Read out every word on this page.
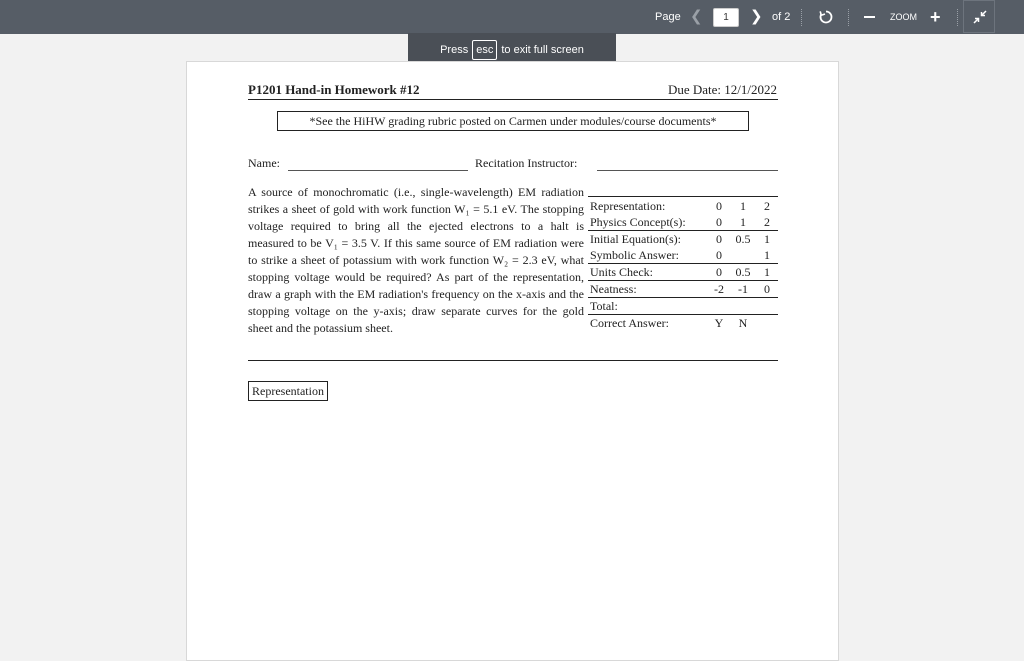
Page ❮
1	❯ of 2	ZOOM +
Press esc to exit full screen
P1201 Hand-in Homework #12	Due Date: 12/1/2022
*See the HiHW grading rubric posted on Carmen under modules/course documents*
Name:	Recitation Instructor:

A source of monochromatic (i.e., single-wavelength) EM radiation strikes a sheet of gold with work function W₁ = 5.1 eV. The stopping voltage required to bring all the ejected electrons to a halt is measured to be V₁ = 3.5 V. If this same source of EM radiation were to strike a sheet of potassium with work function W₂ = 2.3 eV, what stopping voltage would be required? As part of the representation, draw a graph with the EM radiation's frequency on the x-axis and the stopping voltage on the y-axis; draw separate curves for the gold sheet and the potassium sheet.

Representation:	0	1	2
Physics Concept(s):	0	1	2
Initial Equation(s):	0	0.5	1
Symbolic Answer:	0		1
Units Check:	0	0.5	1
Neatness:	-2	-1	0
Total:			
Correct Answer:	Y	N	
Representation
